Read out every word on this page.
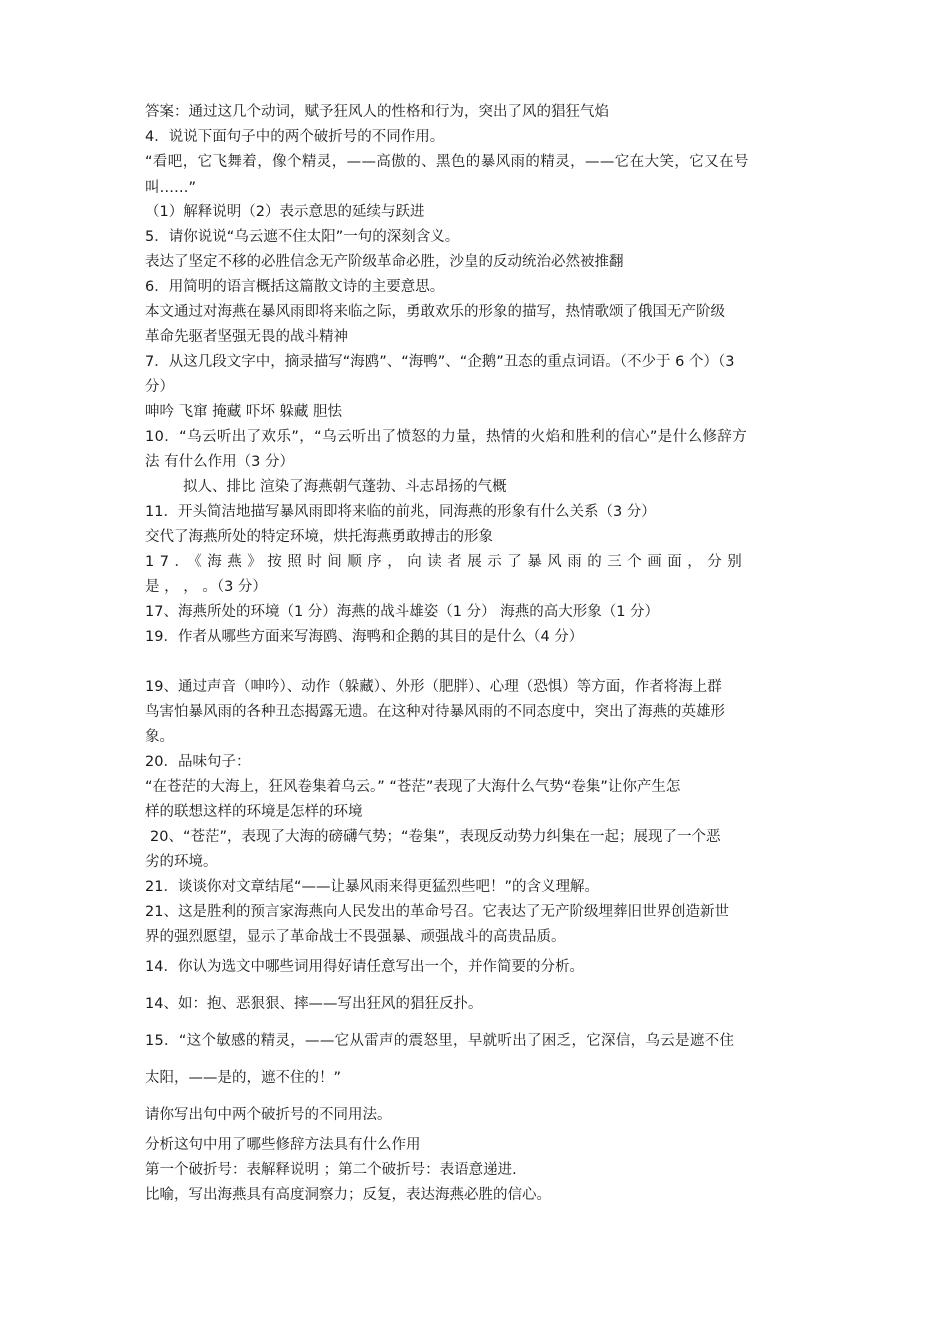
答案：通过这几个动词，赋予狂风人的性格和行为，突出了风的猖狂气焰
4．说说下面句子中的两个破折号的不同作用。
“看吧，它飞舞着，像个精灵，——高傲的、黑色的暴风雨的精灵，——它在大笑，它又在号
叫……”
（1）解释说明（2）表示意思的延续与跃进
5．请你说说“乌云遮不住太阳”一句的深刻含义。
表达了坚定不移的必胜信念无产阶级革命必胜，沙皇的反动统治必然被推翻
6．用简明的语言概括这篇散文诗的主要意思。
本文通过对海燕在暴风雨即将来临之际，勇敢欢乐的形象的描写，热情歌颂了俄国无产阶级
革命先驱者坚强无畏的战斗精神
7．从这几段文字中，摘录描写“海鸥”、“海鸭”、“企鹅”丑态的重点词语。（不少于 6 个）（3
分）
呻吟 飞窜 掩藏 吓坏 躲藏 胆怯
10．“乌云听出了欢乐”，“乌云听出了愤怒的力量，热情的火焰和胜利的信心”是什么修辞方
法 有什么作用（3 分）
拟人、排比 渲染了海燕朝气蓬勃、斗志昂扬的气概
11．开头简洁地描写暴风雨即将来临的前兆，同海燕的形象有什么关系（3 分）
交代了海燕所处的特定环境，烘托海燕勇敢搏击的形象
17．《海燕》按照时间顺序，向读者展示了暴风雨的三个画面，分别
是 ， ， 。（3 分）
17、海燕所处的环境（1 分）海燕的战斗雄姿（1 分） 海燕的高大形象（1 分）
19．作者从哪些方面来写海鸥、海鸭和企鹅的其目的是什么（4 分）
19、通过声音（呻吟）、动作（躲藏）、外形（肥胖）、心理（恐惧）等方面，作者将海上群
鸟害怕暴风雨的各种丑态揭露无遗。在这种对待暴风雨的不同态度中，突出了海燕的英雄形
象。
20．品味句子：
“在苍茫的大海上，狂风卷集着乌云。” “苍茫”表现了大海什么气势“卷集”让你产生怎
样的联想这样的环境是怎样的环境
20、“苍茫”，表现了大海的磅礴气势；“卷集”，表现反动势力纠集在一起；展现了一个恶
劣的环境。
21．谈谈你对文章结尾“——让暴风雨来得更猛烈些吧！”的含义理解。
21、这是胜利的预言家海燕向人民发出的革命号召。它表达了无产阶级埋葬旧世界创造新世
界的强烈愿望，显示了革命战士不畏强暴、顽强战斗的高贵品质。
14．你认为选文中哪些词用得好请任意写出一个，并作简要的分析。
14、如：抱、恶狠狠、摔——写出狂风的猖狂反扑。
15．“这个敏感的精灵，——它从雷声的震怒里，早就听出了困乏，它深信，乌云是遮不住
太阳，——是的，遮不住的！”
请你写出句中两个破折号的不同用法。
分析这句中用了哪些修辞方法具有什么作用
第一个破折号：表解释说明 ；第二个破折号：表语意递进.
比喻，写出海燕具有高度洞察力；反复，表达海燕必胜的信心。
